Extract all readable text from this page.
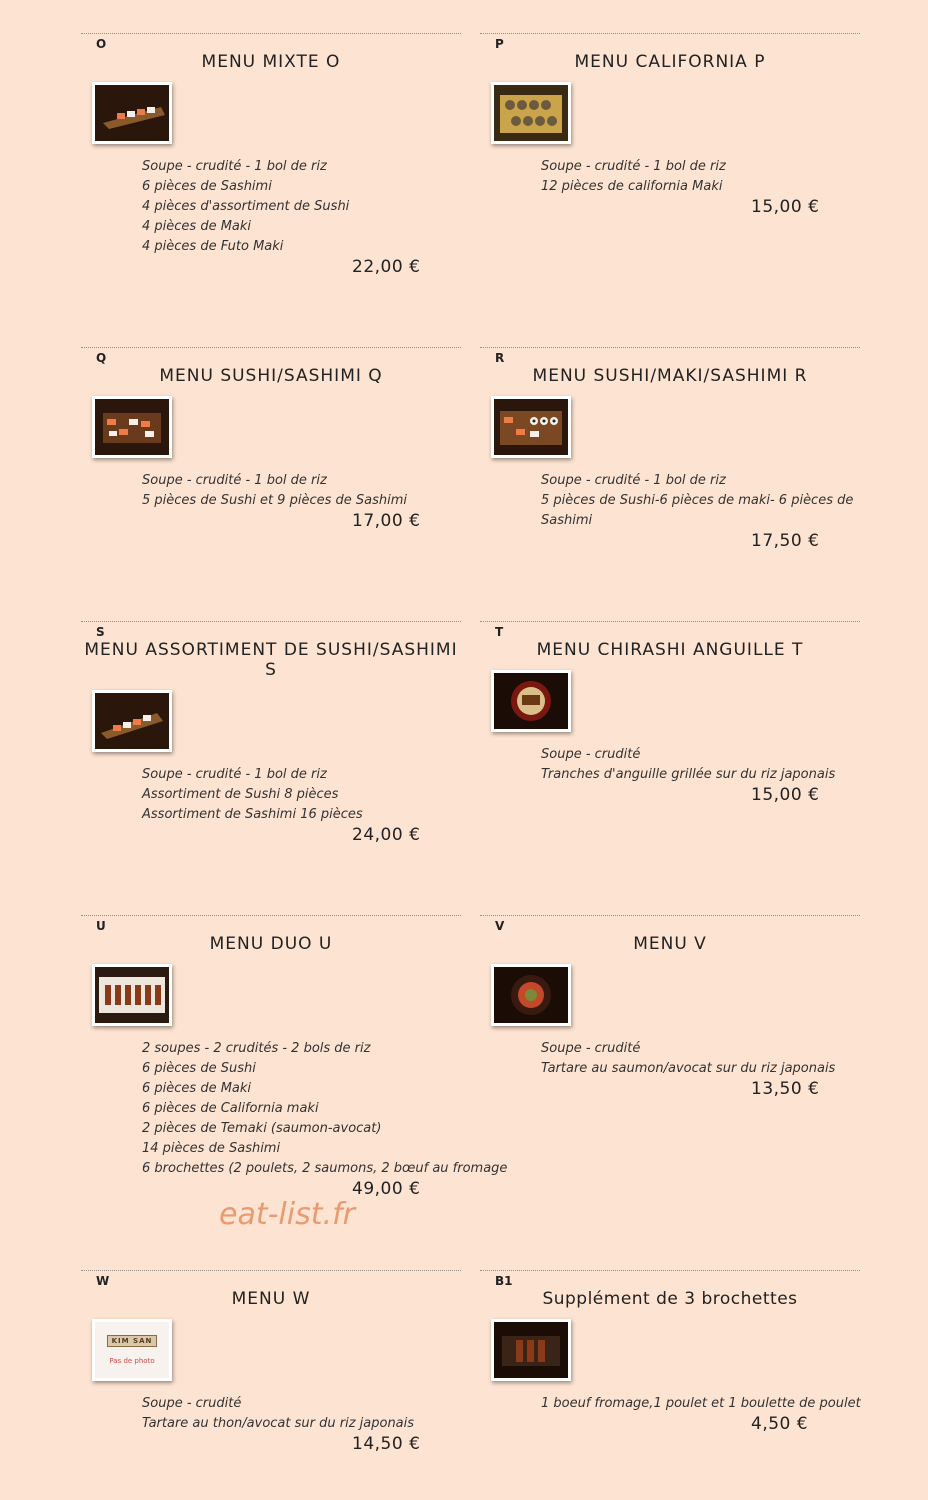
O
MENU MIXTE O
Soupe - crudité - 1 bol de riz
6 pièces de Sashimi
4 pièces d'assortiment de Sushi
4 pièces de Maki
4 pièces de Futo Maki
22,00 €
P
MENU CALIFORNIA P
Soupe - crudité - 1 bol de riz
12 pièces de california Maki
15,00 €
Q
MENU SUSHI/SASHIMI Q
Soupe - crudité - 1 bol de riz
5 pièces de Sushi et 9 pièces de Sashimi
17,00 €
R
MENU SUSHI/MAKI/SASHIMI R
Soupe - crudité - 1 bol de riz
5 pièces de Sushi-6 pièces de maki- 6 pièces de Sashimi
17,50 €
S
MENU ASSORTIMENT DE SUSHI/SASHIMI S
Soupe - crudité - 1 bol de riz
Assortiment de Sushi 8 pièces
Assortiment de Sashimi 16 pièces
24,00 €
T
MENU CHIRASHI ANGUILLE T
Soupe - crudité
Tranches d'anguille grillée sur du riz japonais
15,00 €
U
MENU DUO U
2 soupes - 2 crudités - 2 bols de riz
6 pièces de Sushi
6 pièces de Maki
6 pièces de California maki
2 pièces de Temaki (saumon-avocat)
14 pièces de Sashimi
6 brochettes (2 poulets, 2 saumons, 2 bœuf au fromage
49,00 €
V
MENU V
Soupe - crudité
Tartare au saumon/avocat sur du riz japonais
13,50 €
eat-list.fr
W
MENU W
KIM SAN
Pas de photo
Soupe - crudité
Tartare au thon/avocat sur du riz japonais
14,50 €
B1
Supplément de 3 brochettes
1 boeuf fromage,1 poulet et 1 boulette de poulet
4,50 €
